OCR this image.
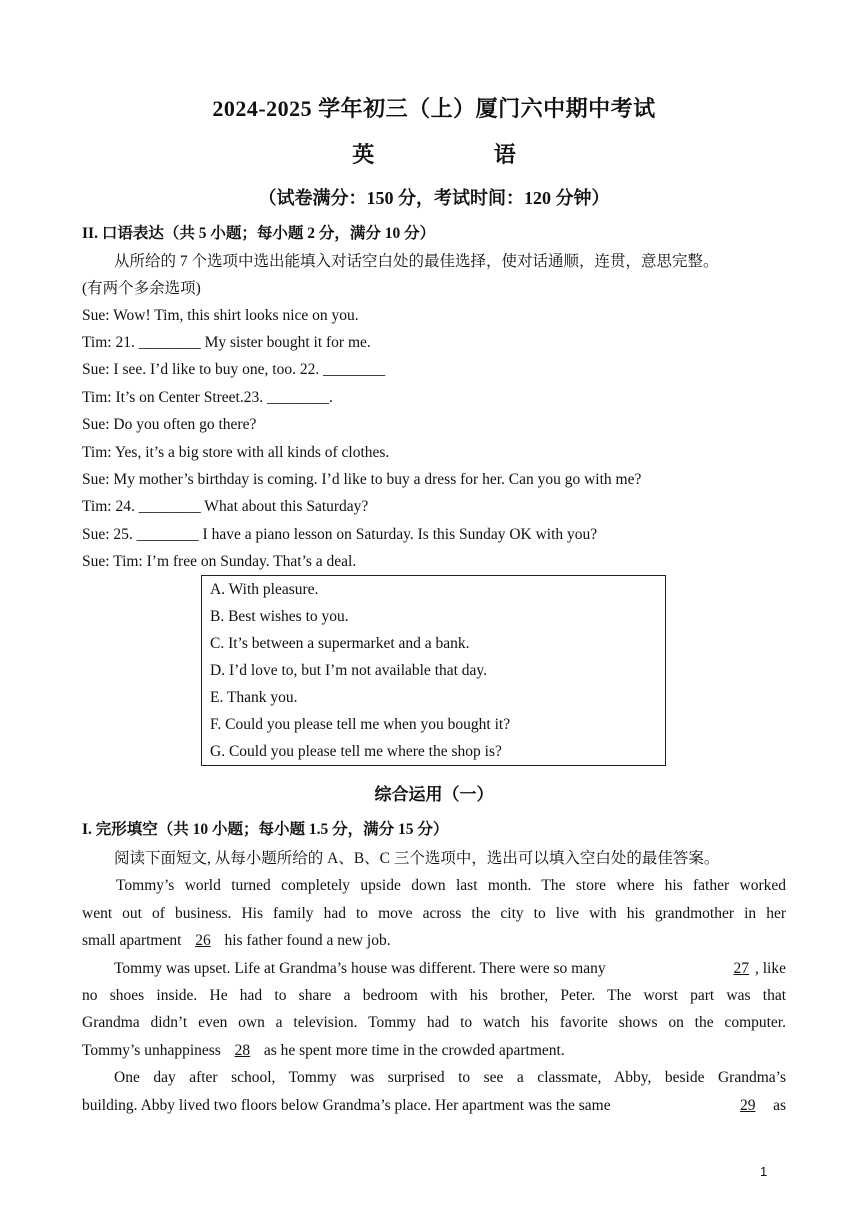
2024-2025 学年初三（上）厦门六中期中考试
英 语
（试卷满分：150 分，考试时间：120 分钟）
II. 口语表达（共 5 小题；每小题 2 分，满分 10 分）
从所给的 7 个选项中选出能填入对话空白处的最佳选择，使对话通顺，连贯，意思完整。
(有两个多余选项)
Sue: Wow! Tim, this shirt looks nice on you.
Tim: 21. ________ My sister bought it for me.
Sue: I see. I’d like to buy one, too. 22. ________
Tim: It’s on Center Street.23. ________.
Sue: Do you often go there?
Tim: Yes, it’s a big store with all kinds of clothes.
Sue: My mother’s birthday is coming. I’d like to buy a dress for her. Can you go with me?
Tim: 24. ________ What about this Saturday?
Sue: 25. ________ I have a piano lesson on Saturday. Is this Sunday OK with you?
Sue: Tim: I’m free on Sunday. That’s a deal.
A. With pleasure.
B. Best wishes to you.
C. It’s between a supermarket and a bank.
D. I’d love to, but I’m not available that day.
E. Thank you.
F. Could you please tell me when you bought it?
G. Could you please tell me where the shop is?
综合运用（一）
I. 完形填空（共 10 小题；每小题 1.5 分，满分 15 分）
阅读下面短文, 从每小题所给的 A、B、C 三个选项中，选出可以填入空白处的最佳答案。
Tommy’s world turned completely upside down last month. The store where his father worked
went out of business. His family had to move across the city to live with his grandmother in her
small apartment 26 his father found a new job.
Tommy was upset. Life at Grandma’s house was different. There were so many	27 , like
no shoes inside. He had to share a bedroom with his brother, Peter. The worst part was that
Grandma didn’t even own a television. Tommy had to watch his favorite shows on the computer.
Tommy’s unhappiness 28 as he spent more time in the crowded apartment.
One day after school, Tommy was surprised to see a classmate, Abby, beside Grandma’s
building. Abby lived two floors below Grandma’s place. Her apartment was the same	29 as
1
